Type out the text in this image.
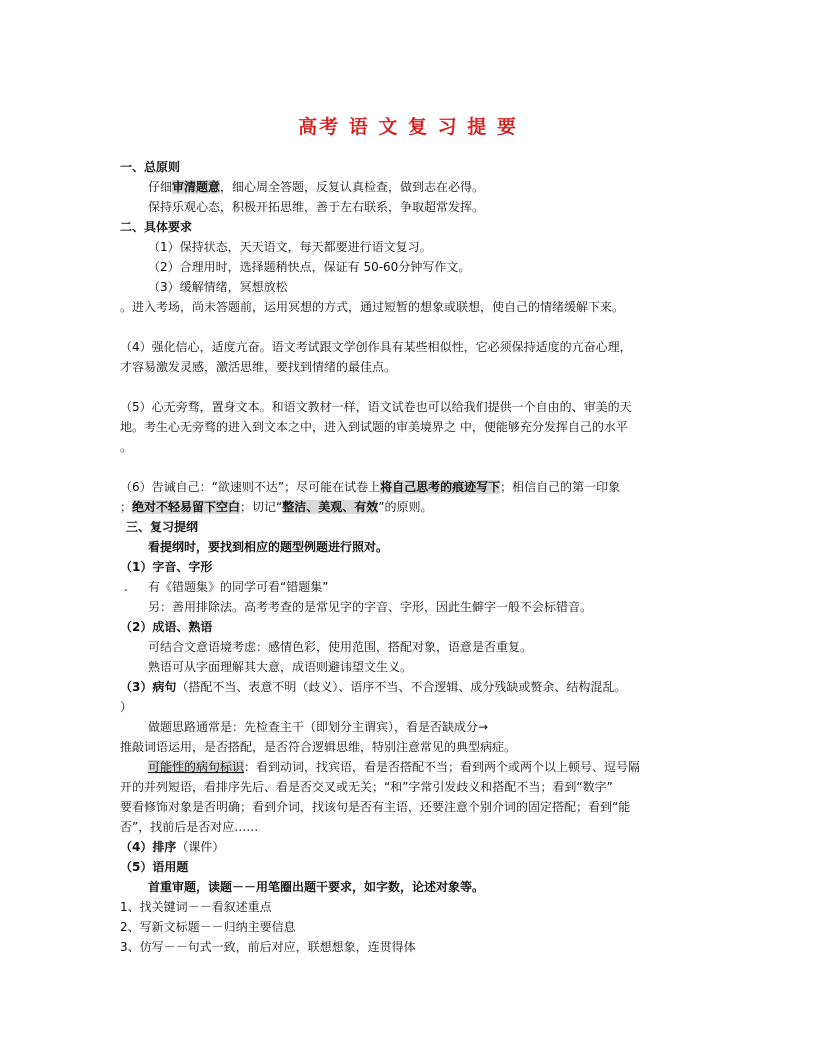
高考 语 文 复 习 提 要
一、总原则
仔细审清题意，细心周全答题，反复认真检查，做到志在必得。
保持乐观心态，积极开拓思维，善于左右联系，争取超常发挥。
二、具体要求
（1）保持状态，天天语文，每天都要进行语文复习。
（2）合理用时，选择题稍快点，保证有 50-60分钟写作文。
（3）缓解情绪，冥想放松
。进入考场，尚未答题前，运用冥想的方式，通过短暂的想象或联想，使自己的情绪缓解下来。
（4）强化信心，适度亢奋。语文考试跟文学创作具有某些相似性，它必须保持适度的亢奋心理，
才容易激发灵感，激活思维，要找到情绪的最佳点。
（5）心无旁骛，置身文本。和语文教材一样，语文试卷也可以给我们提供一个自由的、审美的天
地。考生心无旁骛的进入到文本之中，进入到试题的审美境界之 中，便能够充分发挥自己的水平
。
（6）告诫自己：“欲速则不达”；尽可能在试卷上将自己思考的痕迹写下；相信自己的第一印象
；绝对不轻易留下空白；切记“整洁、美观、有效”的原则。
三、复习提纲
看提纲时，要找到相应的题型例题进行照对。
（1）字音、字形
. 有《错题集》的同学可看“错题集”
另：善用排除法。高考考查的是常见字的字音、字形，因此生僻字一般不会标错音。
（2）成语、熟语
可结合文意语境考虑：感情色彩，使用范围，搭配对象，语意是否重复。
熟语可从字面理解其大意，成语则避讳望文生义。
（3）病句（搭配不当、表意不明（歧义）、语序不当、不合逻辑、成分残缺或赘余、结构混乱。
）
做题思路通常是：先检查主干（即划分主谓宾），看是否缺成分→
推敲词语运用，是否搭配，是否符合逻辑思维，特别注意常见的典型病症。
可能性的病句标识：看到动词，找宾语，看是否搭配不当；看到两个或两个以上顿号、逗号隔
开的并列短语，看排序先后、看是否交叉或无关；“和”字常引发歧义和搭配不当；看到“数字”
要看修饰对象是否明确；看到介词，找该句是否有主语，还要注意个别介词的固定搭配；看到“能
否”，找前后是否对应……
（4）排序（课件）
（5）语用题
首重审题，读题－－用笔圈出题干要求，如字数，论述对象等。
1、找关键词－－看叙述重点
2、写新文标题－－归纳主要信息
3、仿写－－句式一致，前后对应，联想想象，连贯得体
